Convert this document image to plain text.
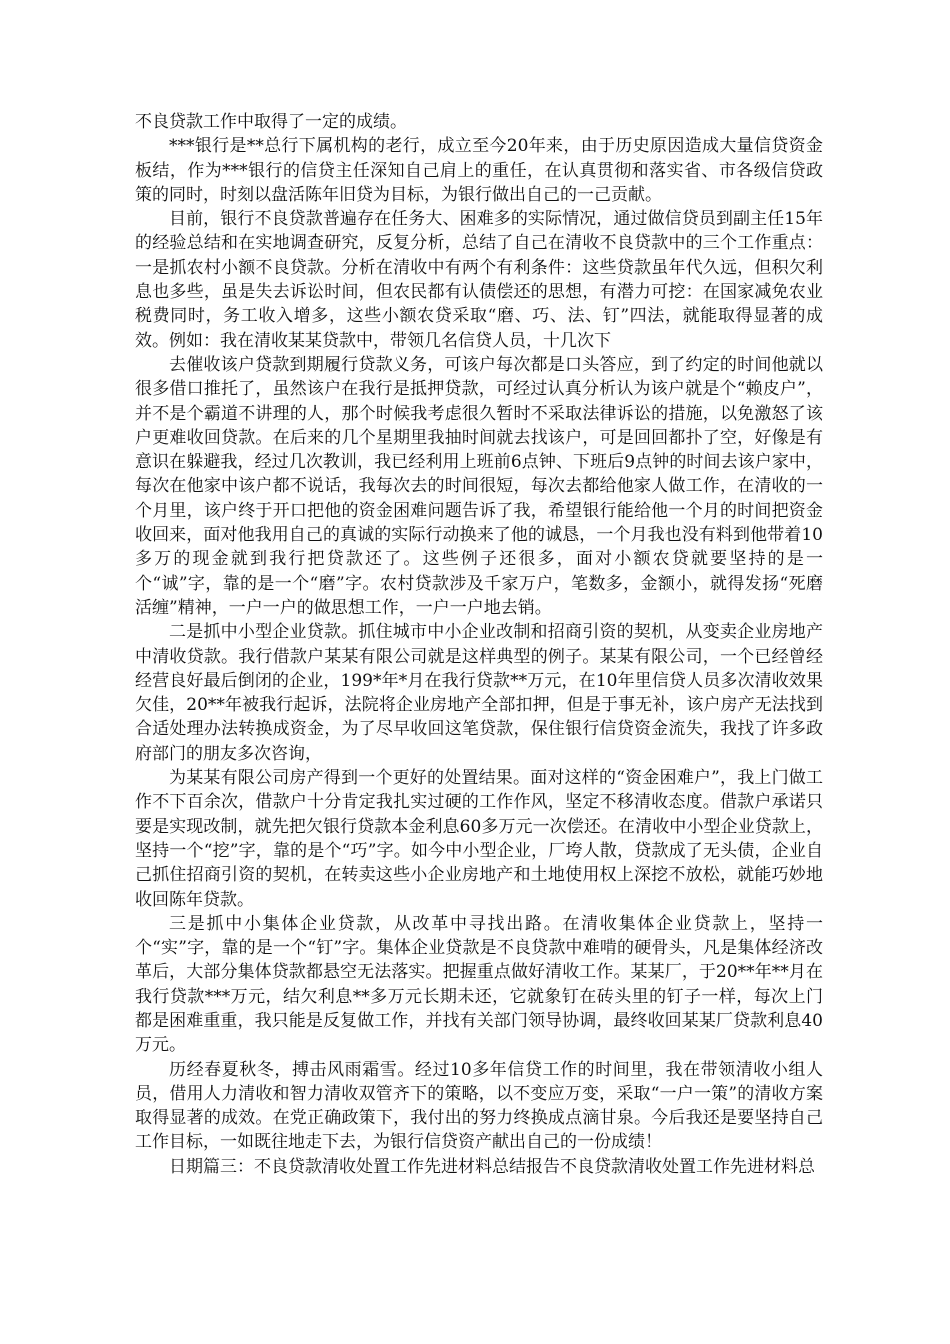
不良贷款工作中取得了一定的成绩。

***银行是**总行下属机构的老行，成立至今20年来，由于历史原因造成大量信贷资金板结，作为***银行的信贷主任深知自己肩上的重任，在认真贯彻和落实省、市各级信贷政策的同时，时刻以盘活陈年旧贷为目标，为银行做出自己的一己贡献。

目前，银行不良贷款普遍存在任务大、困难多的实际情况，通过做信贷员到副主任15年的经验总结和在实地调查研究，反复分析，总结了自己在清收不良贷款中的三个工作重点：一是抓农村小额不良贷款。分析在清收中有两个有利条件：这些贷款虽年代久远，但积欠利息也多些，虽是失去诉讼时间，但农民都有认债偿还的思想，有潜力可挖：在国家减免农业税费同时，务工收入增多，这些小额农贷采取“磨、巧、法、钉”四法，就能取得显著的成效。例如：我在清收某某贷款中，带领几名信贷人员，十几次下

去催收该户贷款到期履行贷款义务，可该户每次都是口头答应，到了约定的时间他就以很多借口推托了，虽然该户在我行是抵押贷款，可经过认真分析认为该户就是个“赖皮户”，并不是个霸道不讲理的人，那个时候我考虑很久暂时不采取法律诉讼的措施，以免激怒了该户更难收回贷款。在后来的几个星期里我抽时间就去找该户，可是回回都扑了空，好像是有意识在躲避我，经过几次教训，我已经利用上班前6点钟、下班后9点钟的时间去该户家中，每次在他家中该户都不说话，我每次去的时间很短，每次去都给他家人做工作，在清收的一个月里，该户终于开口把他的资金困难问题告诉了我，希望银行能给他一个月的时间把资金收回来，面对他我用自己的真诚的实际行动换来了他的诚恳，一个月我也没有料到他带着10多万的现金就到我行把贷款还了。这些例子还很多，面对小额农贷就要坚持的是一个“诚”字，靠的是一个“磨”字。农村贷款涉及千家万户，笔数多，金额小，就得发扬“死磨活缠”精神，一户一户的做思想工作，一户一户地去销。

二是抓中小型企业贷款。抓住城市中小企业改制和招商引资的契机，从变卖企业房地产中清收贷款。我行借款户某某有限公司就是这样典型的例子。某某有限公司，一个已经曾经经营良好最后倒闭的企业，199*年*月在我行贷款**万元，在10年里信贷人员多次清收效果欠佳，20**年被我行起诉，法院将企业房地产全部扣押，但是于事无补，该户房产无法找到合适处理办法转换成资金，为了尽早收回这笔贷款，保住银行信贷资金流失，我找了许多政府部门的朋友多次咨询，

为某某有限公司房产得到一个更好的处置结果。面对这样的“资金困难户”，我上门做工作不下百余次，借款户十分肯定我扎实过硬的工作作风，坚定不移清收态度。借款户承诺只要是实现改制，就先把欠银行贷款本金利息60多万元一次偿还。在清收中小型企业贷款上，坚持一个“挖”字，靠的是个“巧”字。如今中小型企业，厂垮人散，贷款成了无头债，企业自己抓住招商引资的契机，在转卖这些小企业房地产和土地使用权上深挖不放松，就能巧妙地收回陈年贷款。

三是抓中小集体企业贷款，从改革中寻找出路。在清收集体企业贷款上，坚持一个“实”字，靠的是一个“钉”字。集体企业贷款是不良贷款中难啃的硬骨头，凡是集体经济改革后，大部分集体贷款都悬空无法落实。把握重点做好清收工作。某某厂，于20**年**月在我行贷款***万元，结欠利息**多万元长期未还，它就象钉在砖头里的钉子一样，每次上门都是困难重重，我只能是反复做工作，并找有关部门领导协调，最终收回某某厂贷款利息40万元。

历经春夏秋冬，搏击风雨霜雪。经过10多年信贷工作的时间里，我在带领清收小组人员，借用人力清收和智力清收双管齐下的策略，以不变应万变，采取“一户一策”的清收方案取得显著的成效。在党正确政策下，我付出的努力终换成点滴甘泉。今后我还是要坚持自己工作目标，一如既往地走下去，为银行信贷资产献出自己的一份成绩！

日期篇三：不良贷款清收处置工作先进材料总结报告不良贷款清收处置工作先进材料总
